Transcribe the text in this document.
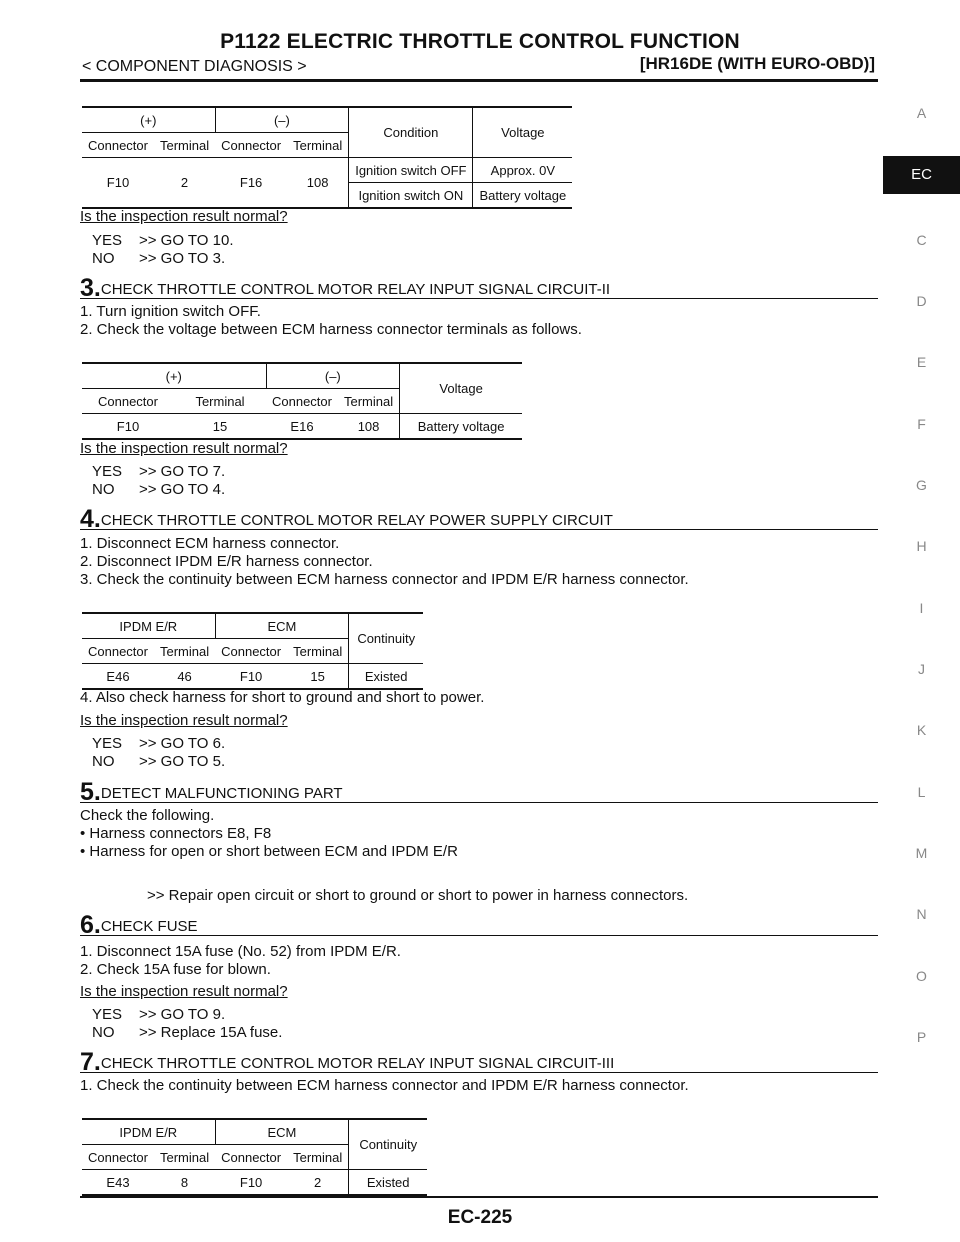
P1122 ELECTRIC THROTTLE CONTROL FUNCTION
< COMPONENT DIAGNOSIS >	[HR16DE (WITH EURO-OBD)]
A
EC
C
D
E
F
G
H
I
J
K
L
M
N
O
P
(+)		(–)		Condition	Voltage
Connector	Terminal	Connector	Terminal		
F10	2	F16	108	Ignition switch OFF	Approx. 0V
				Ignition switch ON	Battery voltage
Is the inspection result normal?
YES >> GO TO 10.
NO >> GO TO 3.
3.CHECK THROTTLE CONTROL MOTOR RELAY INPUT SIGNAL CIRCUIT-II
1. Turn ignition switch OFF.
2. Check the voltage between ECM harness connector terminals as follows.
(+)		(–)		Voltage
Connector	Terminal	Connector	Terminal	
F10	15	E16	108	Battery voltage
Is the inspection result normal?
YES >> GO TO 7.
NO >> GO TO 4.
4.CHECK THROTTLE CONTROL MOTOR RELAY POWER SUPPLY CIRCUIT
1. Disconnect ECM harness connector.
2. Disconnect IPDM E/R harness connector.
3. Check the continuity between ECM harness connector and IPDM E/R harness connector.
IPDM E/R		ECM		Continuity
Connector	Terminal	Connector	Terminal	
E46	46	F10	15	Existed
4. Also check harness for short to ground and short to power.
Is the inspection result normal?
YES >> GO TO 6.
NO >> GO TO 5.
5.DETECT MALFUNCTIONING PART
Check the following.
• Harness connectors E8, F8
• Harness for open or short between ECM and IPDM E/R
>> Repair open circuit or short to ground or short to power in harness connectors.
6.CHECK FUSE
1. Disconnect 15A fuse (No. 52) from IPDM E/R.
2. Check 15A fuse for blown.
Is the inspection result normal?
YES >> GO TO 9.
NO >> Replace 15A fuse.
7.CHECK THROTTLE CONTROL MOTOR RELAY INPUT SIGNAL CIRCUIT-III
1. Check the continuity between ECM harness connector and IPDM E/R harness connector.
IPDM E/R		ECM		Continuity
Connector	Terminal	Connector	Terminal	
E43	8	F10	2	Existed
EC-225
